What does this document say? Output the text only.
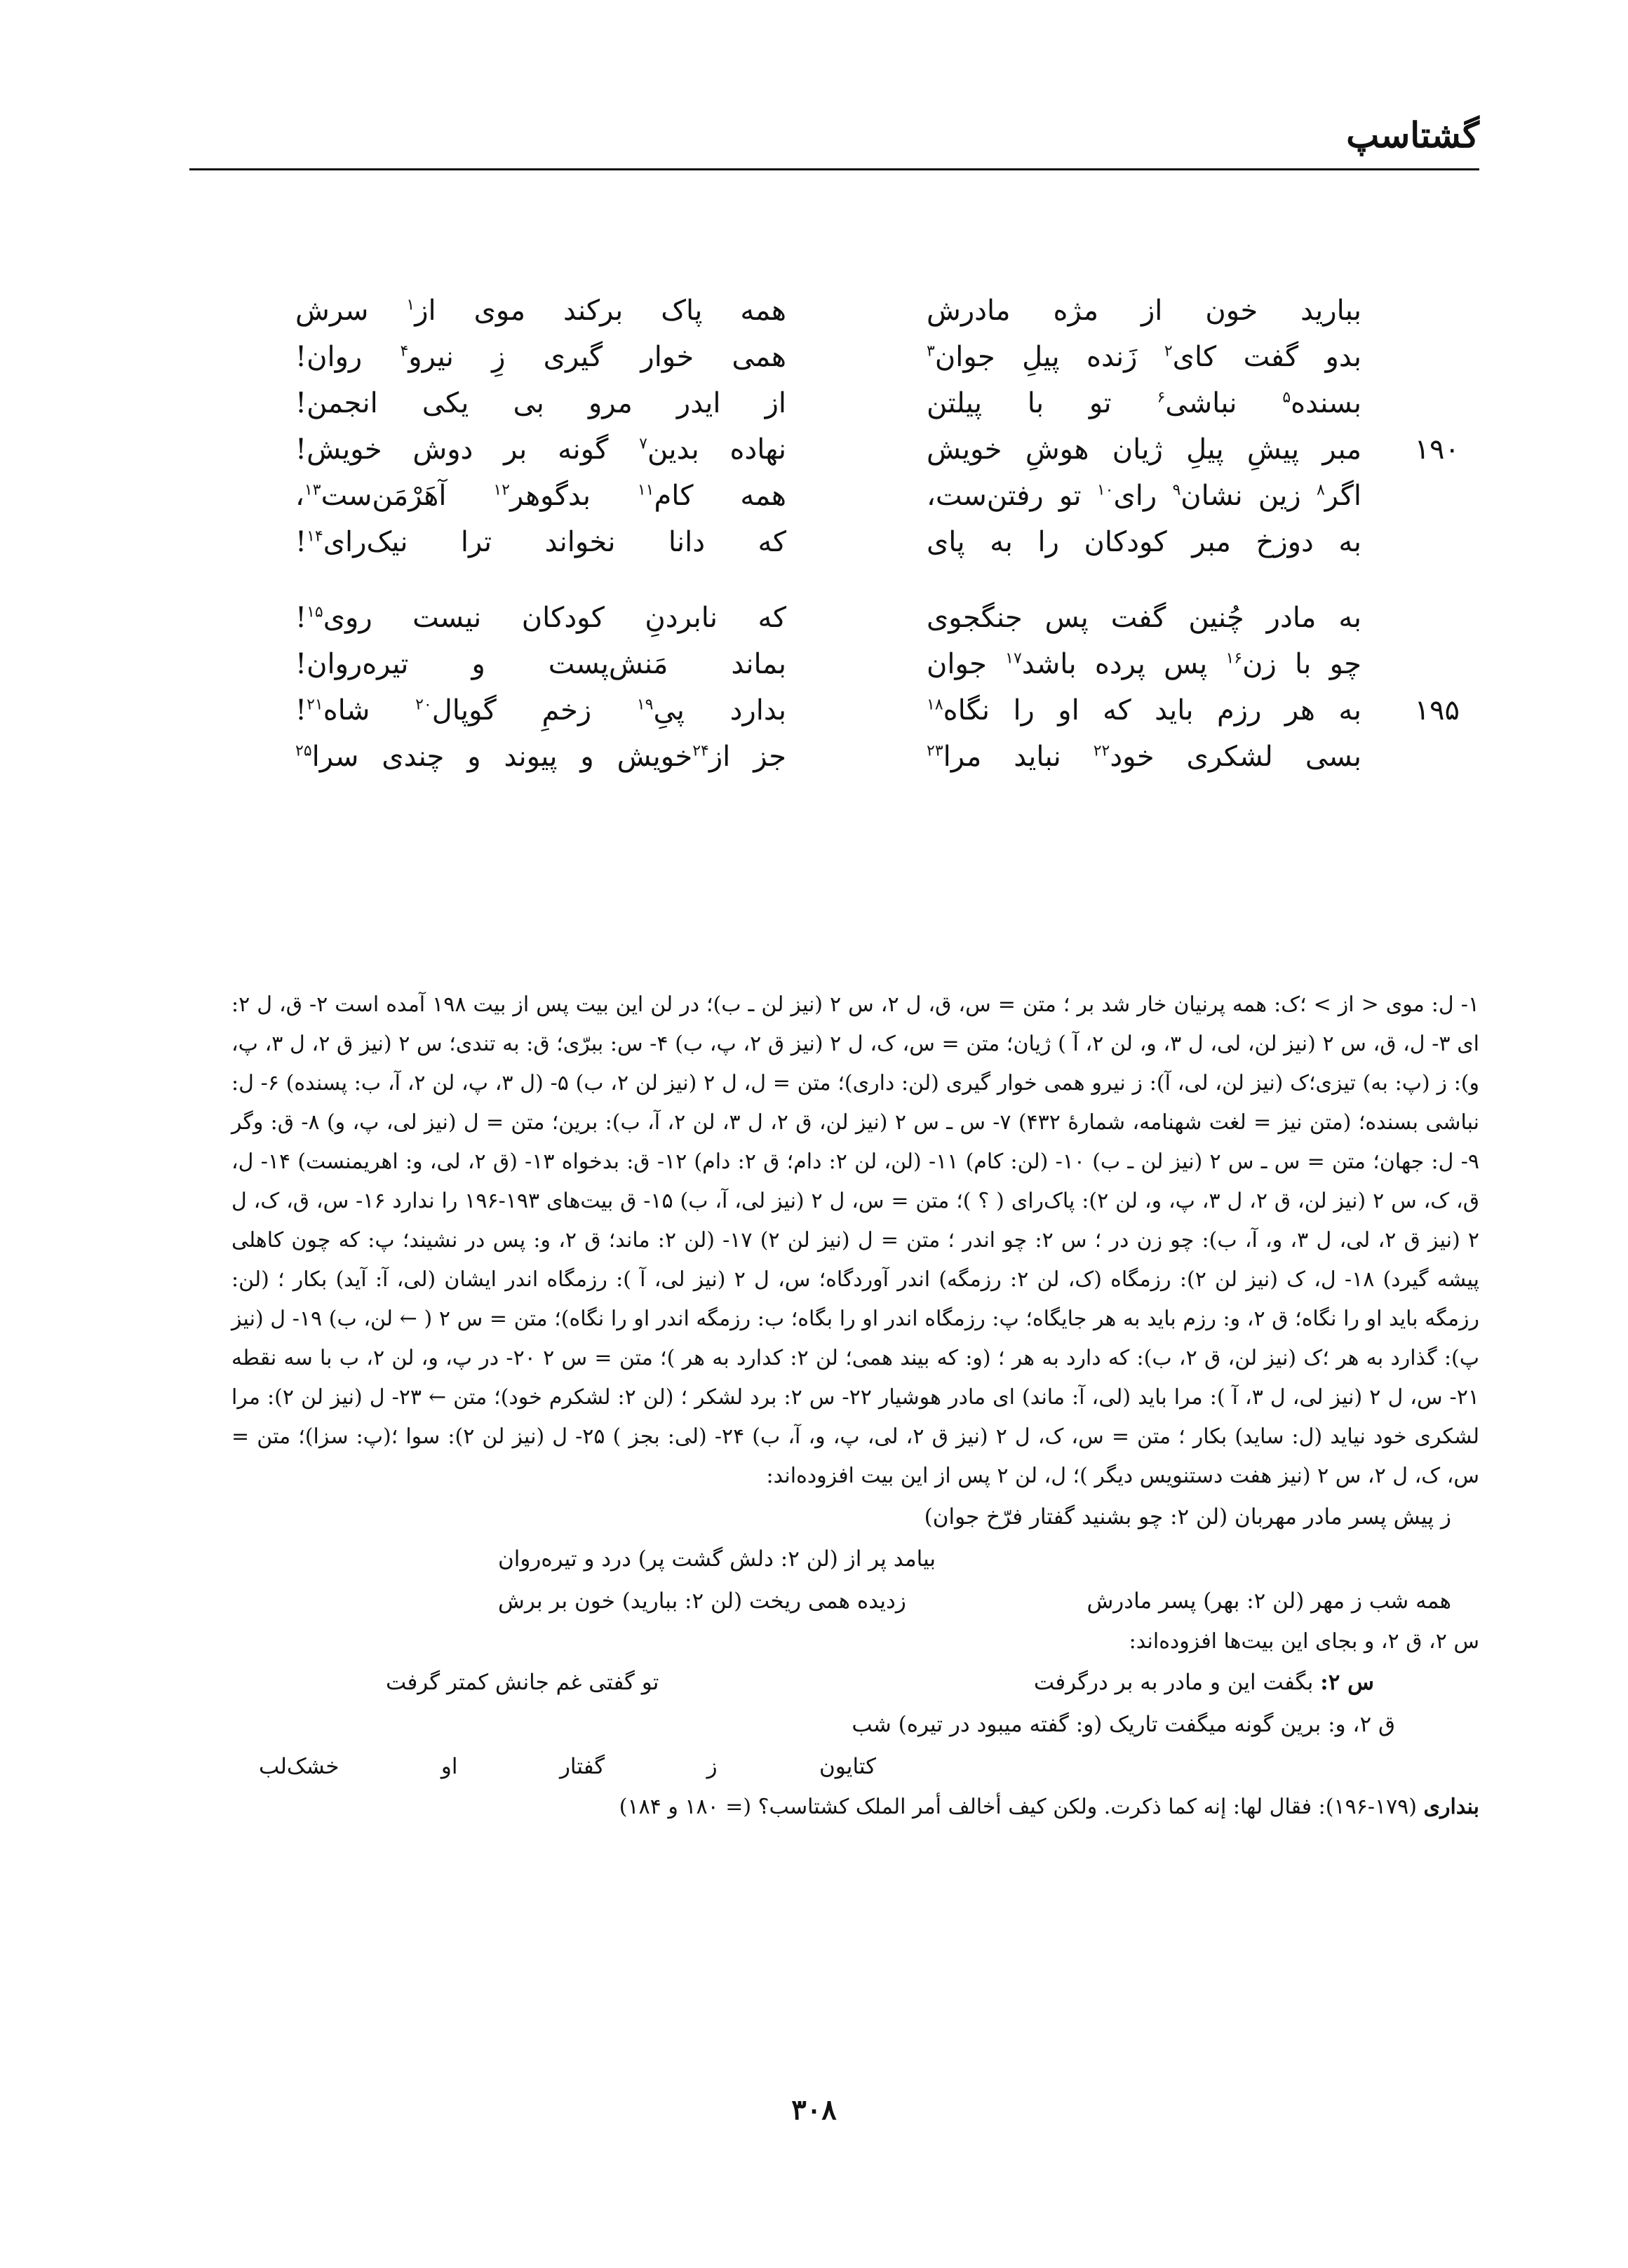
گشتاسپ
ببارید خون از مژه مادرش
همه پاک برکند موی از$^۱$ سرش
بدو گفت کای$^۲$ زَنده پیلِ جوان$^۳$
همی خوار گیری زِ نیرو$^۴$ روان!
بسنده$^۵$ نباشی$^۶$ تو با پیلتن
از ایدر مرو بی یکی انجمن!
۱۹۰
مبر پیشِ پیلِ ژیان هوشِ خویش
نهاده بدین$^۷$ گونه بر دوش خویش!
اگر$^۸$ زین نشان$^۹$ رای$^{۱۰}$ تو رفتن‌ست،
همه کام$^{۱۱}$ بدگوهر$^{۱۲}$ آهَرْمَن‌ست$^{۱۳}$،
به دوزخ مبر کودکان را به پای
که دانا نخواند ترا نیک‌رای$^{۱۴}$!
به مادر چُنین گفت پس جنگجوی
که نابردنِ کودکان نیست روی$^{۱۵}$!
چو با زن$^{۱۶}$ پس پرده باشد$^{۱۷}$ جوان
بماند مَنش‌پست و تیره‌روان!
۱۹۵
به هر رزم باید که او را نگاه$^{۱۸}$
بدارد پیِ$^{۱۹}$ زخمِ گوپال$^{۲۰}$ شاه$^{۲۱}$!
بسی لشکری خود$^{۲۲}$ نباید مرا$^{۲۳}$
جز از$^{۲۴}$خویش و پیوند و چندی سرا$^{۲۵}$

۱- ل: موی < از > ؛ک: همه پرنیان خار شد بر ؛ متن = س، ق، ل ۲، س ۲ (نیز لن ـ ب)؛ در لن این بیت پس از بیت ۱۹۸ آمده است ۲- ق، ل ۲: ای ۳- ل، ق، س ۲ (نیز لن، لی، ل ۳، و، لن ۲، آ ) ژیان؛ متن = س، ک، ل ۲ (نیز ق ۲، پ، ب) ۴- س: ببرّی؛ ق: به تندی؛ س ۲ (نیز ق ۲، ل ۳، پ، و): ز (پ: به) تیزی؛ک (نیز لن، لی، آ): ز نیرو همی خوار گیری (لن: داری)؛ متن = ل، ل ۲ (نیز لن ۲، ب) ۵- (ل ۳، پ، لن ۲، آ، ب: پسنده) ۶- ل: نباشی بسنده؛ (متن نیز = لغت شهنامه، شمارهٔ ۴۳۲) ۷- س ـ س ۲ (نیز لن، ق ۲، ل ۳، لن ۲، آ، ب): برین؛ متن = ل (نیز لی، پ، و) ۸- ق: وگر ۹- ل: جهان؛ متن = س ـ س ۲ (نیز لن ـ ب) ۱۰- (لن: کام) ۱۱- (لن، لن ۲: دام؛ ق ۲: دام) ۱۲- ق: بدخواه ۱۳- (ق ۲، لی، و: اهریمنست) ۱۴- ل، ق، ک، س ۲ (نیز لن، ق ۲، ل ۳، پ، و، لن ۲): پاک‌رای ( ؟ )؛ متن = س، ل ۲ (نیز لی، آ، ب) ۱۵- ق بیت‌های ۱۹۳-۱۹۶ را ندارد ۱۶- س، ق، ک، ل ۲ (نیز ق ۲، لی، ل ۳، و، آ، ب): چو زن در ؛ س ۲: چو اندر ؛ متن = ل (نیز لن ۲) ۱۷- (لن ۲: ماند؛ ق ۲، و: پس در نشیند؛ پ: که چون کاهلی پیشه گیرد) ۱۸- ل، ک (نیز لن ۲): رزمگاه (ک، لن ۲: رزمگه) اندر آوردگاه؛ س، ل ۲ (نیز لی، آ ): رزمگاه اندر ایشان (لی، آ: آید) بکار ؛ (لن: رزمگه باید او را نگاه؛ ق ۲، و: رزم باید به هر جایگاه؛ پ: رزمگاه اندر او را بگاه؛ ب: رزمگه اندر او را نگاه)؛ متن = س ۲ ( ← لن، ب) ۱۹- ل (نیز پ): گذارد به هر ؛ک (نیز لن، ق ۲، ب): که دارد به هر ؛ (و: که بیند همی؛ لن ۲: کدارد به هر )؛ متن = س ۲ ۲۰- در پ، و، لن ۲، ب با سه نقطه ۲۱- س، ل ۲ (نیز لی، ل ۳، آ ): مرا باید (لی، آ: ماند) ای مادر هوشیار ۲۲- س ۲: برد لشکر ؛ (لن ۲: لشکرم خود)؛ متن ← ۲۳- ل (نیز لن ۲): مرا لشکری خود نیاید (ل: ساید) بکار ؛ متن = س، ک، ل ۲ (نیز ق ۲، لی، پ، و، آ، ب) ۲۴- (لی: بجز ) ۲۵- ل (نیز لن ۲): سوا ؛(پ: سزا)؛ متن = س، ک، ل ۲، س ۲ (نیز هفت دستنویس دیگر )؛ ل، لن ۲ پس از این بیت افزوده‌اند:

ز پیش پسر مادر مهربان (لن ۲: چو بشنید گفتار فرّخ جوان)
بیامد پر از (لن ۲: دلش گشت پر) درد و تیره‌روان
همه شب ز مهر (لن ۲: بهر) پسر مادرش
زدیده همی ریخت (لن ۲: ببارید) خون بر برش

س ۲، ق ۲، و بجای این بیت‌ها افزوده‌اند:

س ۲: بگفت این و مادر به بر درگرفت
تو گفتی غم جانش کمتر گرفت
ق ۲، و: برین گونه میگفت تاریک (و: گفته میبود در تیره) شب
کتایون
ز
گفتار
او
خشک‌لب

بنداری (۱۷۹-۱۹۶): فقال لها: إنه کما ذکرت. ولکن کیف أخالف أمر الملک کشتاسب؟ (= ۱۸۰ و ۱۸۴)

۳۰۸
